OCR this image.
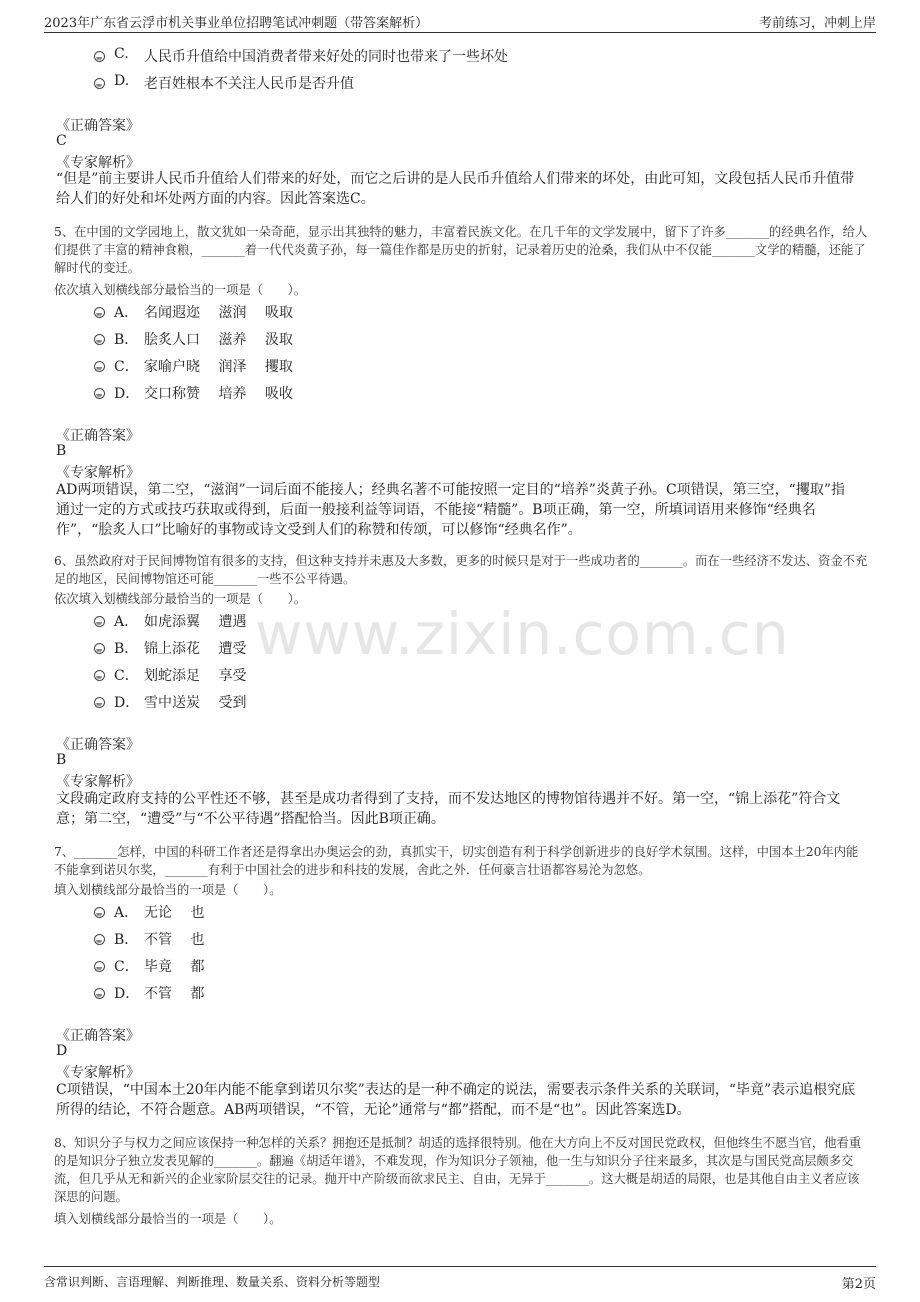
2023年广东省云浮市机关事业单位招聘笔试冲刺题（带答案解析）	考前练习，冲刺上岸
www.zixin.com.cn
C.	人民币升值给中国消费者带来好处的同时也带来了一些坏处
D.	老百姓根本不关注人民币是否升值
《正确答案》
C
《专家解析》
“但是”前主要讲人民币升值给人们带来的好处，而它之后讲的是人民币升值给人们带来的坏处，由此可知，文段包括人民币升值带给人们的好处和坏处两方面的内容。因此答案选C。
5、在中国的文学园地上，散文犹如一朵奇葩，显示出其独特的魅力，丰富着民族文化。在几千年的文学发展中，留下了许多_______的经典名作，给人们提供了丰富的精神食粮，_______着一代代炎黄子孙，每一篇佳作都是历史的折射，记录着历史的沧桑，我们从中不仅能_______文学的精髓，还能了解时代的变迁。
依次填入划横线部分最恰当的一项是（　　）。
A． 名闻遐迩　 滋润　 吸取
B． 脍炙人口　 滋养　 汲取
C． 家喻户晓　 润泽　 攫取
D． 交口称赞　 培养　 吸收
《正确答案》
B
《专家解析》
AD两项错误，第二空，“滋润”一词后面不能接人；经典名著不可能按照一定目的“培养”炎黄子孙。C项错误，第三空，“攫取”指通过一定的方式或技巧获取或得到，后面一般接利益等词语，不能接“精髓”。B项正确，第一空，所填词语用来修饰“经典名作”，“脍炙人口”比喻好的事物或诗文受到人们的称赞和传颂，可以修饰“经典名作”。
6、虽然政府对于民间博物馆有很多的支持，但这种支持并未惠及大多数，更多的时候只是对于一些成功者的_______。而在一些经济不发达、资金不充足的地区，民间博物馆还可能_______一些不公平待遇。
依次填入划横线部分最恰当的一项是（　　）。
A． 如虎添翼　 遭遇
B． 锦上添花　 遭受
C． 划蛇添足　 享受
D． 雪中送炭　 受到
《正确答案》
B
《专家解析》
文段确定政府支持的公平性还不够，甚至是成功者得到了支持，而不发达地区的博物馆待遇并不好。第一空，“锦上添花”符合文意；第二空，“遭受”与“不公平待遇”搭配恰当。因此B项正确。
7、_______怎样，中国的科研工作者还是得拿出办奥运会的劲，真抓实干，切实创造有利于科学创新进步的良好学术氛围。这样，中国本土20年内能不能拿到诺贝尔奖，_______有利于中国社会的进步和科技的发展，舍此之外．任何豪言壮语都容易沦为忽悠。
填入划横线部分最恰当的一项是（　　）。
A． 无论　 也
B． 不管　 也
C． 毕竟　 都
D． 不管　 都
《正确答案》
D
《专家解析》
C项错误，“中国本土20年内能不能拿到诺贝尔奖”表达的是一种不确定的说法，需要表示条件关系的关联词，“毕竟”表示追根究底所得的结论，不符合题意。AB两项错误，“不管，无论”通常与“都”搭配，而不是“也”。因此答案选D。
8、知识分子与权力之间应该保持一种怎样的关系？拥抱还是抵制？胡适的选择很特别。他在大方向上不反对国民党政权，但他终生不愿当官，他看重的是知识分子独立发表见解的_______。翻遍《胡适年谱》，不难发现，作为知识分子领袖，他一生与知识分子往来最多，其次是与国民党高层颇多交流，但几乎从无和新兴的企业家阶层交往的记录。抛开中产阶级而欲求民主、自由，无异于_______。这大概是胡适的局限，也是其他自由主义者应该深思的问题。
填入划横线部分最恰当的一项是（　　）。
含常识判断、言语理解、判断推理、数量关系、资料分析等题型	第2页
